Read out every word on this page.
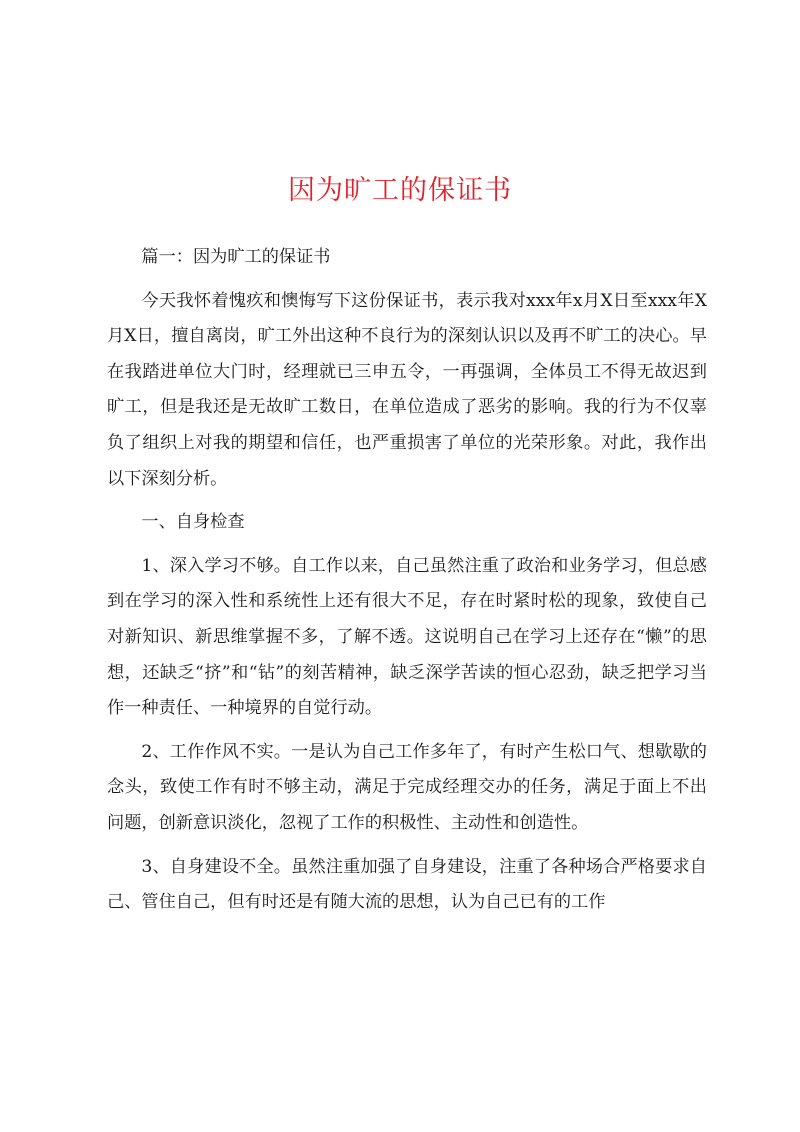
因为旷工的保证书

篇一：因为旷工的保证书

今天我怀着愧疚和懊悔写下这份保证书，表示我对xxx年x月X日至xxx年X月X日，擅自离岗，旷工外出这种不良行为的深刻认识以及再不旷工的决心。早在我踏进单位大门时，经理就已三申五令，一再强调，全体员工不得无故迟到旷工，但是我还是无故旷工数日，在单位造成了恶劣的影响。我的行为不仅辜负了组织上对我的期望和信任，也严重损害了单位的光荣形象。对此，我作出以下深刻分析。

一、自身检查

1、深入学习不够。自工作以来，自己虽然注重了政治和业务学习，但总感到在学习的深入性和系统性上还有很大不足，存在时紧时松的现象，致使自己对新知识、新思维掌握不多，了解不透。这说明自己在学习上还存在“懒”的思想，还缺乏“挤”和“钻”的刻苦精神，缺乏深学苦读的恒心忍劲，缺乏把学习当作一种责任、一种境界的自觉行动。

2、工作作风不实。一是认为自己工作多年了，有时产生松口气、想歇歇的念头，致使工作有时不够主动，满足于完成经理交办的任务，满足于面上不出问题，创新意识淡化，忽视了工作的积极性、主动性和创造性。

3、自身建设不全。虽然注重加强了自身建设，注重了各种场合严格要求自己、管住自己，但有时还是有随大流的思想，认为自己已有的工作
